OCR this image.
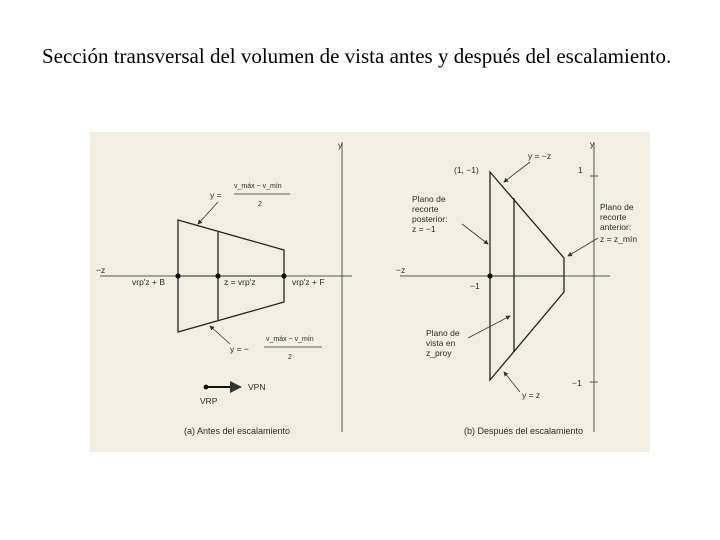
Sección transversal del volumen de vista antes y después del escalamiento.
y
−z
y =
v_máx − v_mín
2
vrp'z + B	z = vrp'z	vrp'z + F
y = −
v_máx − v_mín
2
VPN
VRP
(a) Antes del escalamiento
y
−z
1
−1
−1
(1, −1)
y = −z
y = z
Plano de
recorte
posterior:
z = −1
Plano de
recorte
anterior:
z = z_mín
Plano de
vista en
z_proy
(b) Después del escalamiento
